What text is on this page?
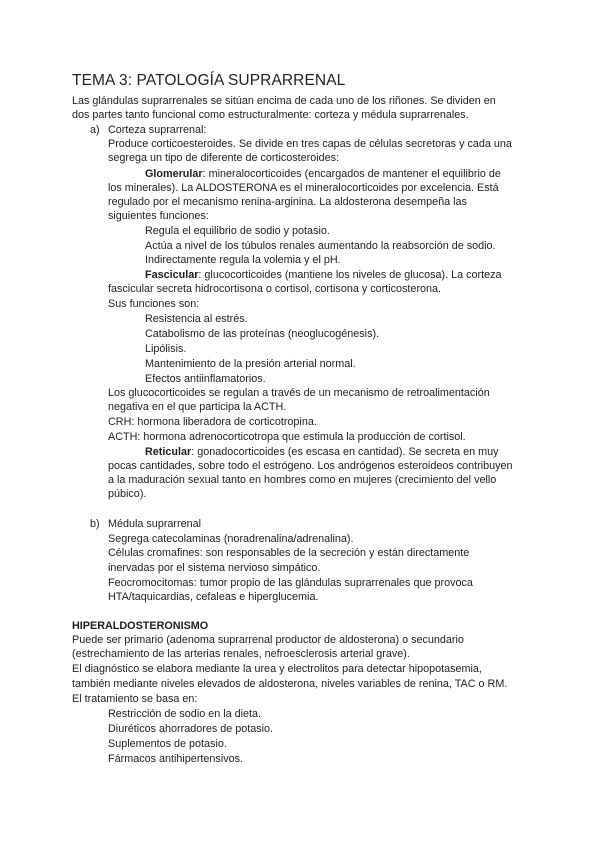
TEMA 3: PATOLOGÍA SUPRARRENAL
Las glándulas suprarrenales se sitúan encima de cada uno de los riñones. Se dividen en
dos partes tanto funcional como estructuralmente: corteza y médula suprarrenales.
a) Corteza suprarrenal:
Produce corticoesteroides. Se divide en tres capas de células secretoras y cada una
segrega un tipo de diferente de corticosteroides:
Glomerular: mineralocorticoides (encargados de mantener el equilibrio de
los minerales). La ALDOSTERONA es el mineralocorticoides por excelencia. Está
regulado por el mecanismo renina-arginina. La aldosterona desempeña las
siguientes funciones:
Regula el equilibrio de sodio y potasio.
Actúa a nivel de los túbulos renales aumentando la reabsorción de sodio.
Indirectamente regula la volemia y el pH.
Fascicular: glucocorticoides (mantiene los niveles de glucosa). La corteza
fascicular secreta hidrocortisona o cortisol, cortisona y corticosterona.
Sus funciones son:
Resistencia al estrés.
Catabolismo de las proteínas (neoglucogénesis).
Lipólisis.
Mantenimiento de la presión arterial normal.
Efectos antiinflamatorios.
Los glucocorticoides se regulan a través de un mecanismo de retroalimentación
negativa en el que participa la ACTH.
CRH: hormona liberadora de corticotropina.
ACTH: hormona adrenocorticotropa que estimula la producción de cortisol.
Reticular: gonadocorticoides (es escasa en cantidad). Se secreta en muy
pocas cantidades, sobre todo el estrógeno. Los andrógenos esteroideos contribuyen
a la maduración sexual tanto en hombres como en mujeres (crecimiento del vello
púbico).
b) Médula suprarrenal
Segrega catecolaminas (noradrenalina/adrenalina).
Células cromafines: son responsables de la secreción y están directamente
inervadas por el sistema nervioso simpático.
Feocromocitomas: tumor propio de las glándulas suprarrenales que provoca
HTA/taquicardias, cefaleas e hiperglucemia.
HIPERALDOSTERONISMO
Puede ser primario (adenoma suprarrenal productor de aldosterona) o secundario
(estrechamiento de las arterias renales, nefroesclerosis arterial grave).
El diagnóstico se elabora mediante la urea y electrolitos para detectar hipopotasemia,
también mediante niveles elevados de aldosterona, niveles variables de renina, TAC o RM.
El tratamiento se basa en:
Restricción de sodio en la dieta.
Diuréticos ahorradores de potasio.
Suplementos de potasio.
Fármacos antihipertensivos.
